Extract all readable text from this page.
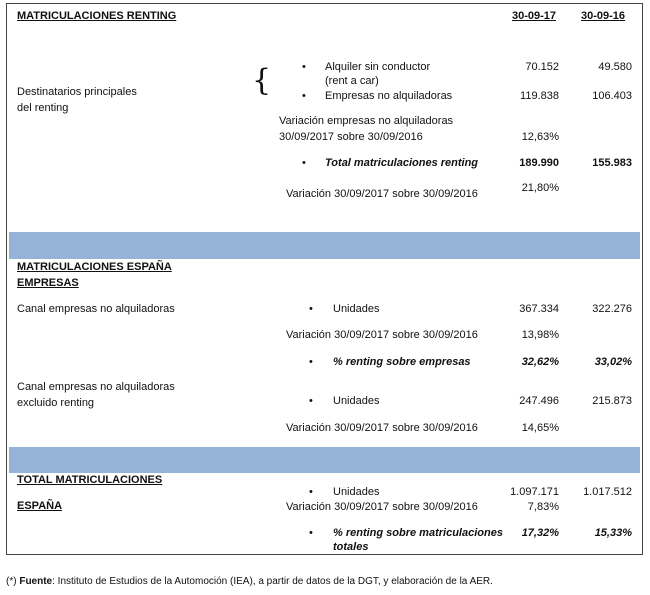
MATRICULACIONES RENTING	30-09-17 30-09-16
Destinatarios principales
del renting
{	• Alquiler sin conductor
(rent a car)
70.152	49.580
• Empresas no alquiladoras	119.838	106.403
Variación empresas no alquiladoras
30/09/2017 sobre 30/09/2016	12,63%
• Total matriculaciones renting	189.990	155.983
Variación 30/09/2017 sobre 30/09/2016	21,80%
MATRICULACIONES ESPAÑA
EMPRESAS
Canal empresas no alquiladoras	• Unidades	367.334	322.276
Variación 30/09/2017 sobre 30/09/2016	13,98%
• % renting sobre empresas	32,62%	33,02%
Canal empresas no alquiladoras
excluido renting	• Unidades	247.496	215.873
Variación 30/09/2017 sobre 30/09/2016	14,65%
TOTAL MATRICULACIONES
ESPAÑA
• Unidades	1.097.171	1.017.512
Variación 30/09/2017 sobre 30/09/2016	7,83%
• % renting sobre matriculaciones
totales
17,32%	15,33%
(*) Fuente: Instituto de Estudios de la Automoción (IEA), a partir de datos de la DGT, y elaboración de la AER.
